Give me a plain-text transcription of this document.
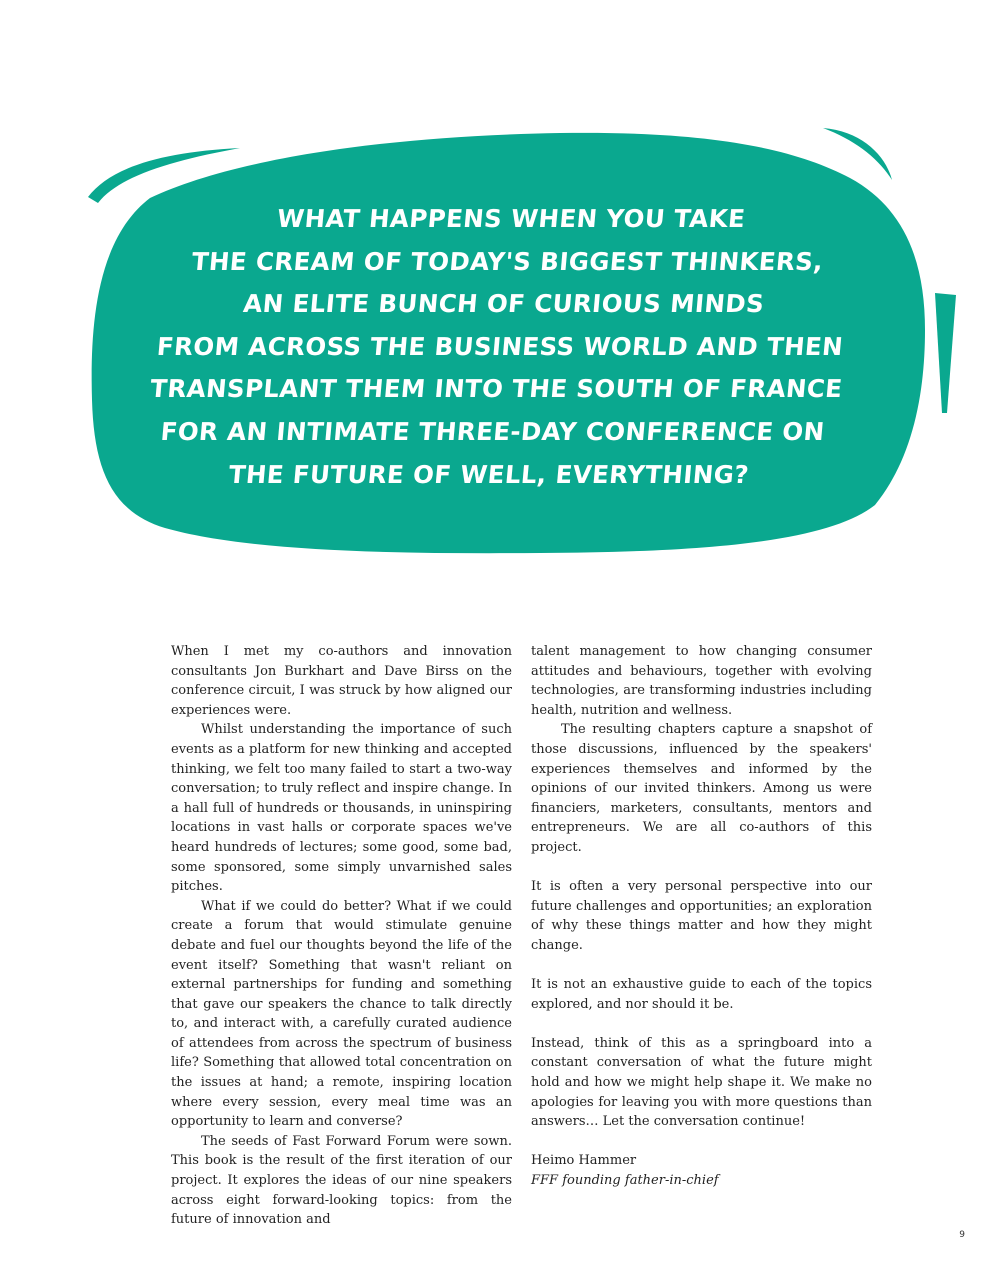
WHAT HAPPENS WHEN YOU TAKE
THE CREAM OF TODAY'S BIGGEST THINKERS,
AN ELITE BUNCH OF CURIOUS MINDS
FROM ACROSS THE BUSINESS WORLD AND THEN
TRANSPLANT THEM INTO THE SOUTH OF FRANCE
FOR AN INTIMATE THREE-DAY CONFERENCE ON
THE FUTURE OF WELL, EVERYTHING?

When I met my co-authors and innovation consultants Jon Burkhart and Dave Birss on the conference circuit, I was struck by how aligned our experiences were.

Whilst understanding the importance of such events as a platform for new thinking and accepted thinking, we felt too many failed to start a two-way conversation; to truly reflect and inspire change. In a hall full of hundreds or thousands, in uninspiring locations in vast halls or corporate spaces we've heard hundreds of lectures; some good, some bad, some sponsored, some simply unvarnished sales pitches.

What if we could do better? What if we could create a forum that would stimulate genuine debate and fuel our thoughts beyond the life of the event itself? Something that wasn't reliant on external partnerships for funding and something that gave our speakers the chance to talk directly to, and interact with, a carefully curated audience of attendees from across the spectrum of business life? Something that allowed total concentration on the issues at hand; a remote, inspiring location where every session, every meal time was an opportunity to learn and converse?

The seeds of Fast Forward Forum were sown. This book is the result of the first iteration of our project. It explores the ideas of our nine speakers across eight forward-looking topics: from the future of innovation and

talent management to how changing consumer attitudes and behaviours, together with evolving technologies, are transforming industries including health, nutrition and wellness.

The resulting chapters capture a snapshot of those discussions, influenced by the speakers' experiences themselves and informed by the opinions of our invited thinkers. Among us were financiers, marketers, consultants, mentors and entrepreneurs. We are all co-authors of this project.

It is often a very personal perspective into our future challenges and opportunities; an exploration of why these things matter and how they might change.

It is not an exhaustive guide to each of the topics explored, and nor should it be.

Instead, think of this as a springboard into a constant conversation of what the future might hold and how we might help shape it. We make no apologies for leaving you with more questions than answers… Let the conversation continue!

Heimo Hammer

FFF founding father-in-chief

9
